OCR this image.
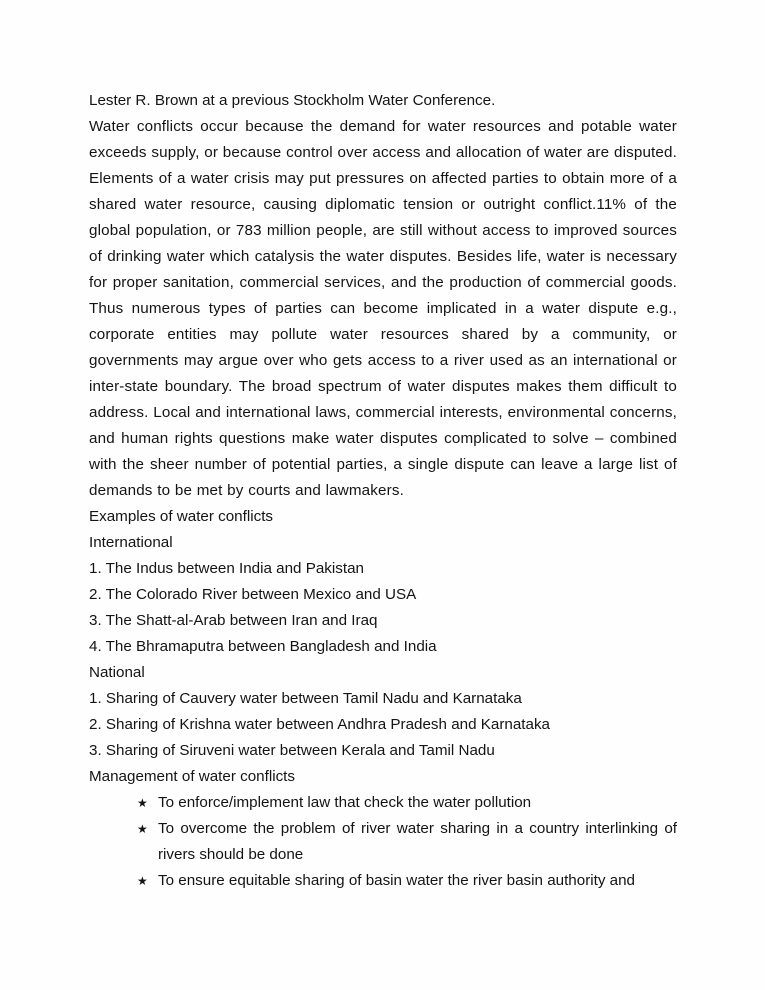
Lester R. Brown at a previous Stockholm Water Conference.

Water conflicts occur because the demand for water resources and potable water exceeds supply, or because control over access and allocation of water are disputed. Elements of a water crisis may put pressures on affected parties to obtain more of a shared water resource, causing diplomatic tension or outright conflict.11% of the global population, or 783 million people, are still without access to improved sources of drinking water which catalysis the water disputes. Besides life, water is necessary for proper sanitation, commercial services, and the production of commercial goods. Thus numerous types of parties can become implicated in a water dispute e.g., corporate entities may pollute water resources shared by a community, or governments may argue over who gets access to a river used as an international or inter-state boundary. The broad spectrum of water disputes makes them difficult to address. Local and international laws, commercial interests, environmental concerns, and human rights questions make water disputes complicated to solve – combined with the sheer number of potential parties, a single dispute can leave a large list of demands to be met by courts and lawmakers.

Examples of water conflicts

International

1. The Indus between India and Pakistan

2. The Colorado River between Mexico and USA

3. The Shatt-al-Arab between Iran and Iraq

4. The Bhramaputra between Bangladesh and India

National

1. Sharing of Cauvery water between Tamil Nadu and Karnataka

2. Sharing of Krishna water between Andhra Pradesh and Karnataka

3. Sharing of Siruveni water between Kerala and Tamil Nadu

Management of water conflicts

★ To enforce/implement law that check the water pollution
★ To overcome the problem of river water sharing in a country interlinking of rivers should be done
★ To ensure equitable sharing of basin water the river basin authority and
